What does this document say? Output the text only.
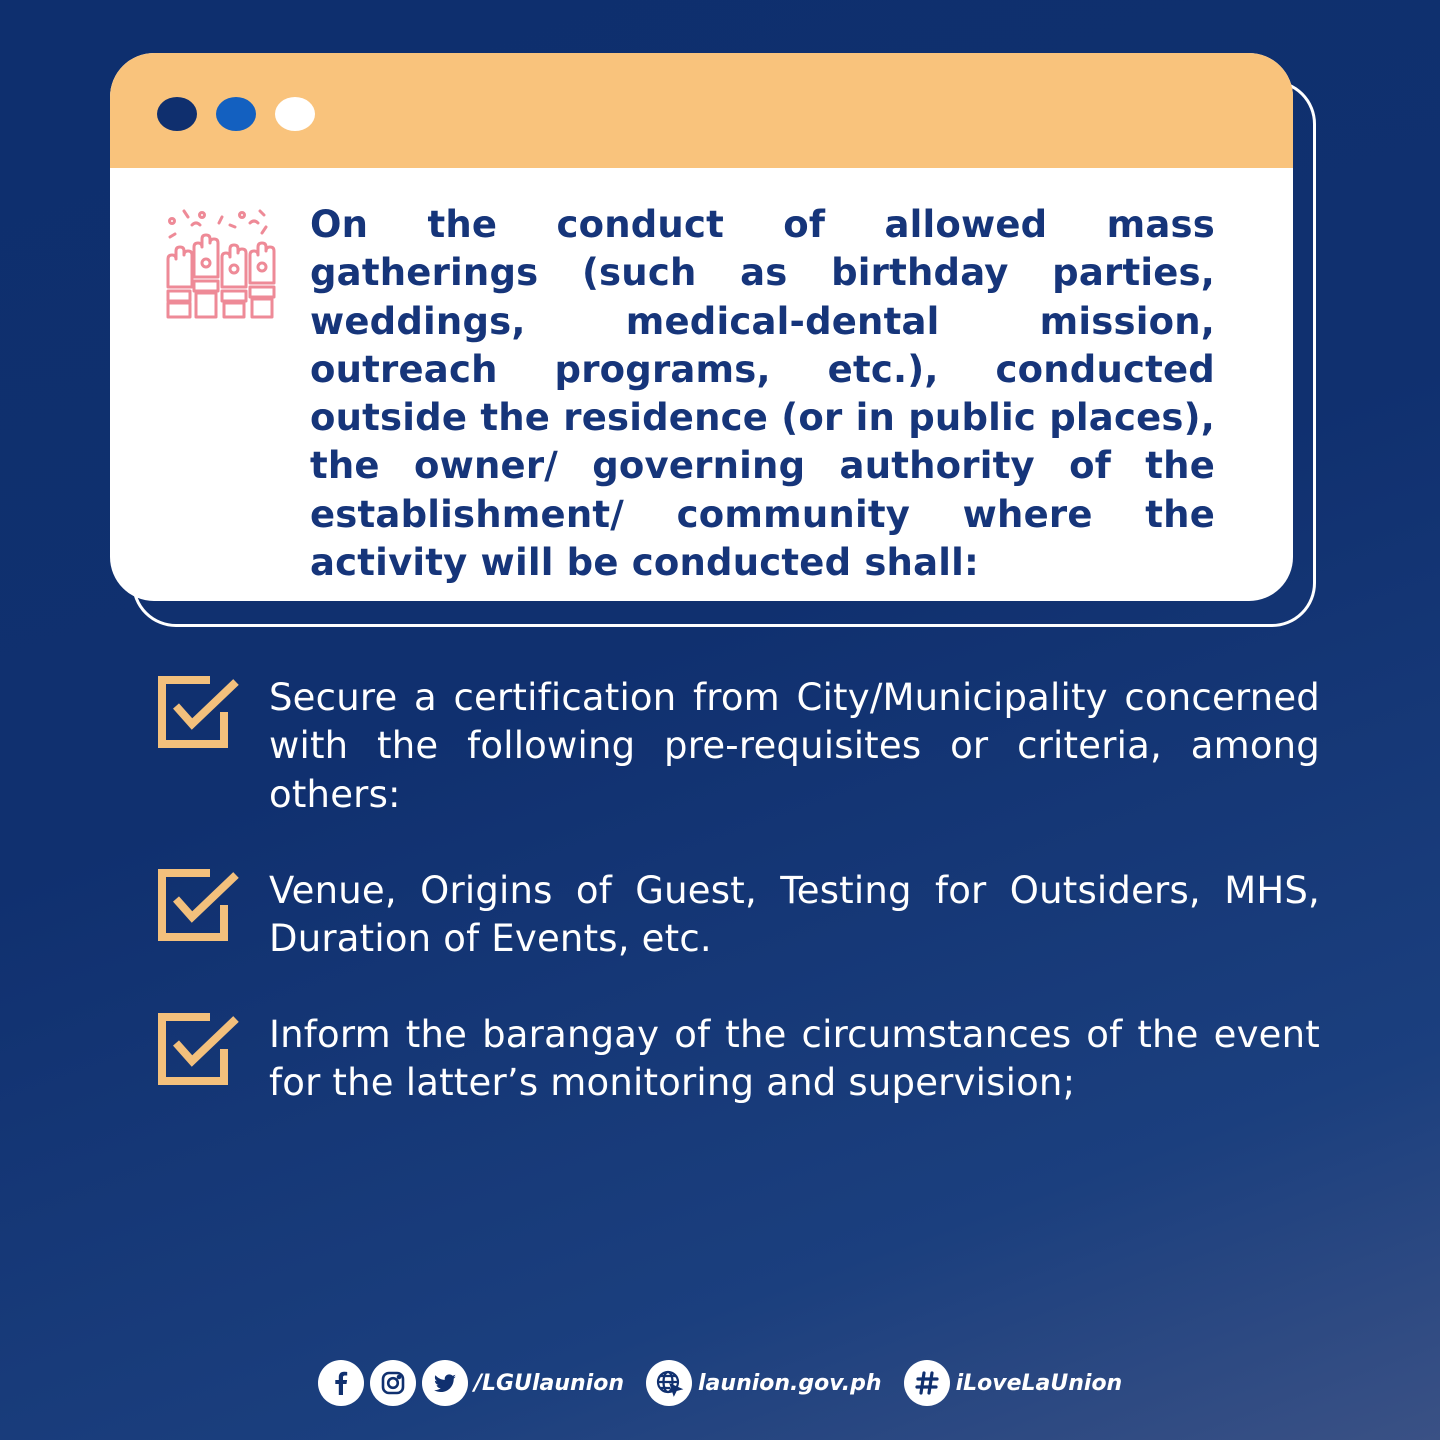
On the conduct of allowed mass gatherings (such as birthday parties, weddings, medical-dental mission, outreach programs, etc.), conducted outside the residence (or in public places), the owner/ governing authority of the establishment/ community where the activity will be conducted shall:

Secure a certification from City/Municipality concerned with the following pre-requisites or criteria, among others:

Venue, Origins of Guest, Testing for Outsiders, MHS, Duration of Events, etc.

Inform the barangay of the circumstances of the event for the latter’s monitoring and supervision;

/LGUlaunion	launion.gov.ph	iLoveLaUnion
